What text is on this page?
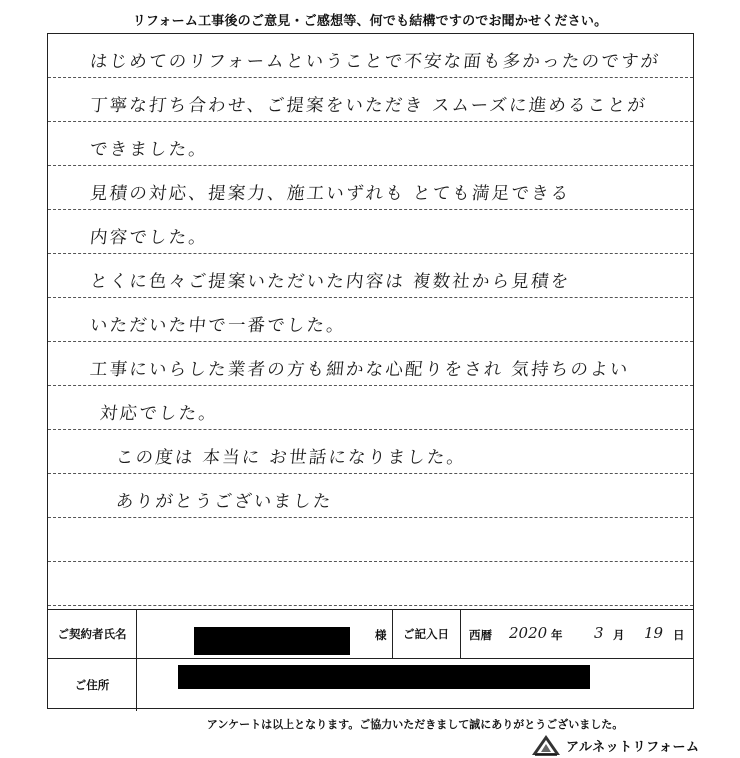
リフォーム工事後のご意見・ご感想等、何でも結構ですのでお聞かせください。
はじめてのリフォームということで不安な面も多かったのですが
丁寧な打ち合わせ、ご提案をいただき スムーズに進めることが
できました。
見積の対応、提案力、施工いずれも とても満足できる
内容でした。
とくに色々ご提案いただいた内容は 複数社から見積を
いただいた中で一番でした。
工事にいらした業者の方も細かな心配りをされ 気持ちのよい
対応でした。
この度は 本当に お世話になりました。
ありがとうございました
ご契約者氏名	様	ご記入日	西暦 2020 年 3 月 19 日
ご住所
アンケートは以上となります。ご協力いただきまして誠にありがとうございました。
アルネットリフォーム
